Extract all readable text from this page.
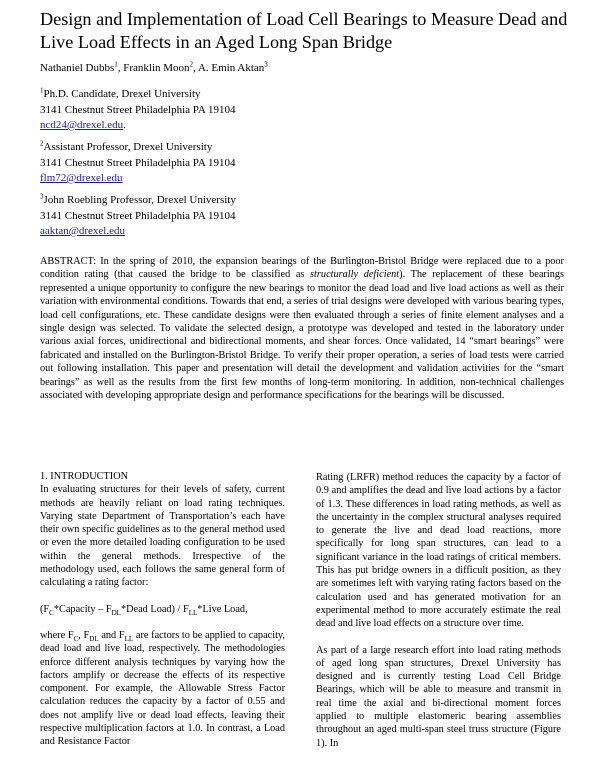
Design and Implementation of Load Cell Bearings to Measure Dead and Live Load Effects in an Aged Long Span Bridge
Nathaniel Dubbs$^1$, Franklin Moon$^2$, A. Emin Aktan$^3$
$^1$Ph.D. Candidate, Drexel University
3141 Chestnut Street Philadelphia PA 19104
ncd24@drexel.edu.
$^2$Assistant Professor, Drexel University
3141 Chestnut Street Philadelphia PA 19104
flm72@drexel.edu
$^3$John Roebling Professor, Drexel University
3141 Chestnut Street Philadelphia PA 19104
aaktan@drexel.edu
ABSTRACT: In the spring of 2010, the expansion bearings of the Burlington-Bristol Bridge were replaced due to a poor condition rating (that caused the bridge to be classified as structurally deficient). The replacement of these bearings represented a unique opportunity to configure the new bearings to monitor the dead load and live load actions as well as their variation with environmental conditions. Towards that end, a series of trial designs were developed with various bearing types, load cell configurations, etc. These candidate designs were then evaluated through a series of finite element analyses and a single design was selected. To validate the selected design, a prototype was developed and tested in the laboratory under various axial forces, unidirectional and bidirectional moments, and shear forces. Once validated, 14 “smart bearings” were fabricated and installed on the Burlington-Bristol Bridge. To verify their proper operation, a series of load tests were carried out following installation. This paper and presentation will detail the development and validation activities for the “smart bearings” as well as the results from the first few months of long-term monitoring. In addition, non-technical challenges associated with developing appropriate design and performance specifications for the bearings will be discussed.

1. INTRODUCTION

In evaluating structures for their levels of safety, current methods are heavily reliant on load rating techniques. Varying state Department of Transportation’s each have their own specific guidelines as to the general method used or even the more detailed loading configuration to be used within the general methods. Irrespective of the methodology used, each follows the same general form of calculating a rating factor:

($F_C*Capacity$ – $F_{DL}*Dead$ Load) / $F_{LL}*Live$ Load,

where $F_C$, $F_{DL}$ and $F_{LL}$ are factors to be applied to capacity, dead load and live load, respectively. The methodologies enforce different analysis techniques by varying how the factors amplify or decrease the effects of its respective component. For example, the Allowable Stress Factor calculation reduces the capacity by a factor of 0.55 and does not amplify live or dead load effects, leaving their respective multiplication factors at 1.0. In contrast, a Load and Resistance Factor

Rating (LRFR) method reduces the capacity by a factor of 0.9 and amplifies the dead and live load actions by a factor of 1.3. These differences in load rating methods, as well as the uncertainty in the complex structural analyses required to generate the live and dead load reactions, more specifically for long span structures, can lead to a significant variance in the load ratings of critical members. This has put bridge owners in a difficult position, as they are sometimes left with varying rating factors based on the calculation used and has generated motivation for an experimental method to more accurately estimate the real dead and live load effects on a structure over time.

As part of a large research effort into load rating methods of aged long span structures, Drexel University has designed and is currently testing Load Cell Bridge Bearings, which will be able to measure and transmit in real time the axial and bi-directional moment forces applied to multiple elastomeric bearing assemblies throughout an aged multi-span steel truss structure (Figure 1). In
